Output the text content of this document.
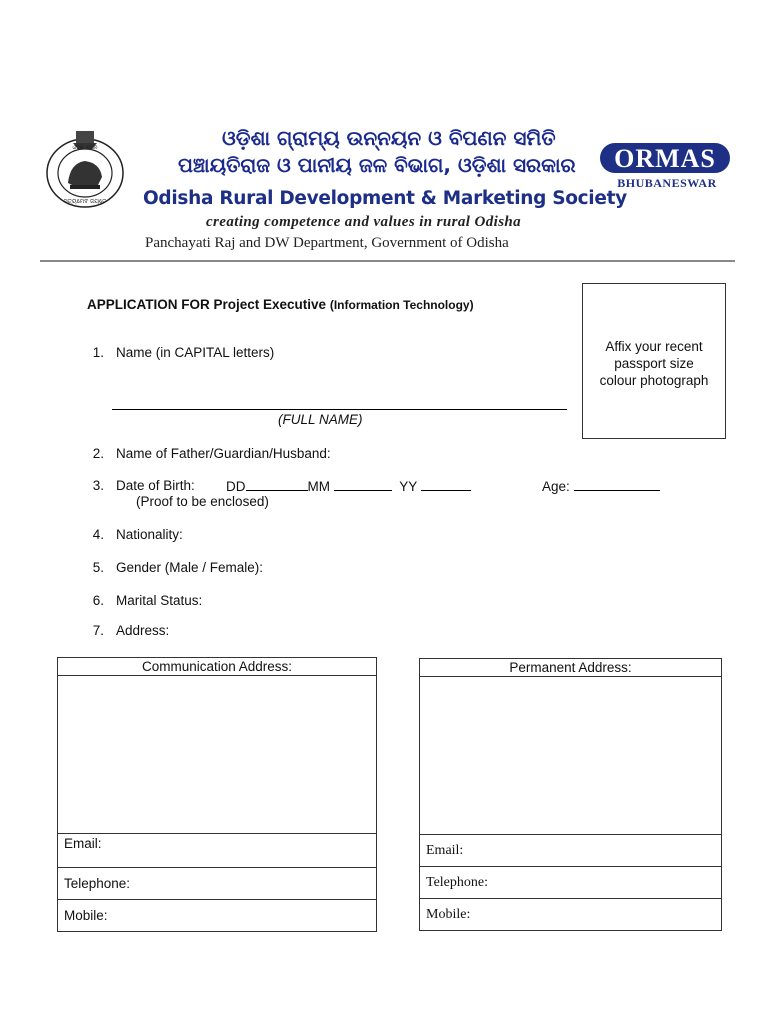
ଓଡ଼ିଶା ଶାସନ
ସତ୍ୟମେବ ଜୟତେ
ଓଡ଼ିଶା ଗ୍ରାମ୍ୟ ଉନ୍ନୟନ ଓ ବିପଣନ ସମିତି
ପଞ୍ଚାୟତିରାଜ ଓ ପାନୀୟ ଜଳ ବିଭାଗ, ଓଡ଼ିଶା ସରକାର
Odisha Rural Development & Marketing Society
creating competence and values in rural Odisha
Panchayati Raj and DW Department, Government of Odisha
ORMAS
BHUBANESWAR
APPLICATION FOR Project Executive (Information Technology)
Affix your recent
passport size
colour photograph
1. Name (in CAPITAL letters)
(FULL NAME)
2. Name of Father/Guardian/Husband:
3. Date of Birth: DD	MM	YY	Age:
(Proof to be enclosed)
4. Nationality:
5. Gender (Male / Female):
6. Marital Status:
7. Address:
Communication Address:

Email:
Telephone:
Mobile:
Permanent Address:

Email:
Telephone:
Mobile:
